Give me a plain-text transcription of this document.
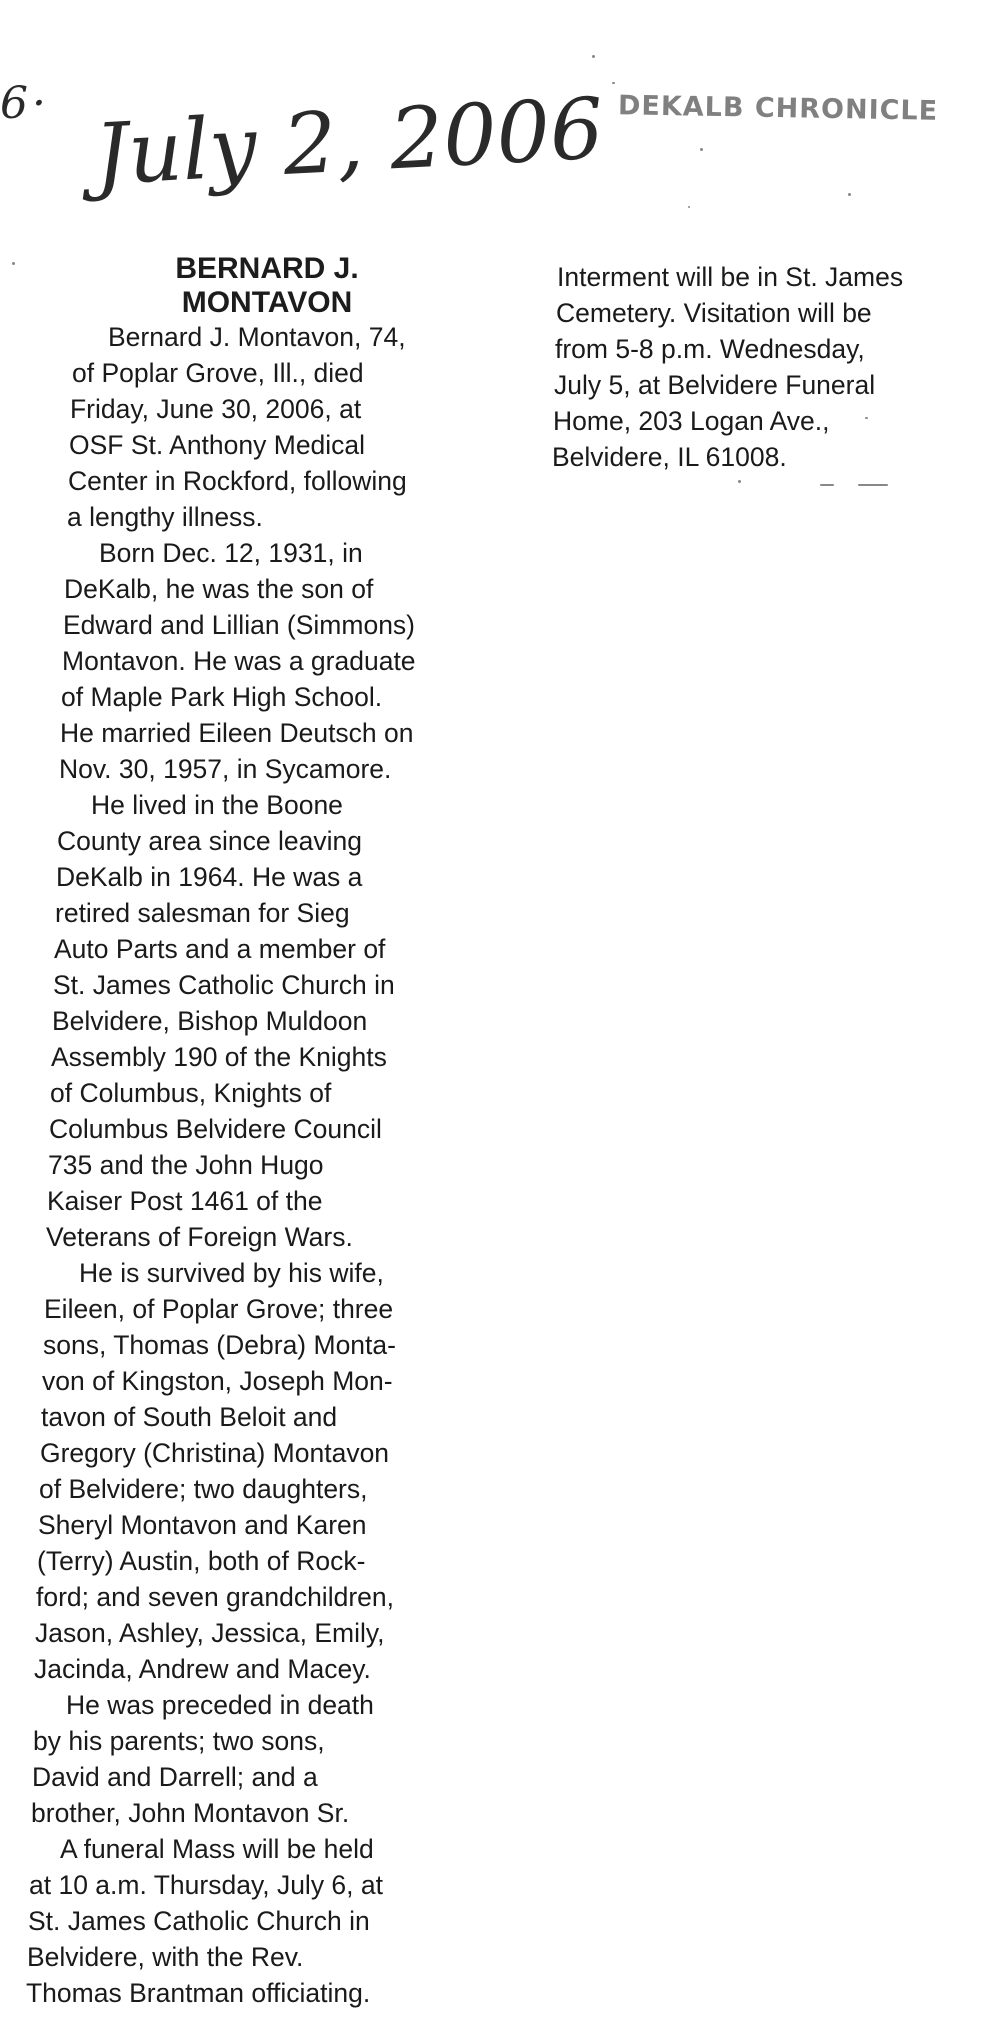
6· July 2, 2006 DEKALB CHRONICLE
BERNARD J.
MONTAVON
Bernard J. Montavon, 74,
of Poplar Grove, Ill., died
Friday, June 30, 2006, at
OSF St. Anthony Medical
Center in Rockford, following
a lengthy illness.
Born Dec. 12, 1931, in
DeKalb, he was the son of
Edward and Lillian (Simmons)
Montavon. He was a graduate
of Maple Park High School.
He married Eileen Deutsch on
Nov. 30, 1957, in Sycamore.
He lived in the Boone
County area since leaving
DeKalb in 1964. He was a
retired salesman for Sieg
Auto Parts and a member of
St. James Catholic Church in
Belvidere, Bishop Muldoon
Assembly 190 of the Knights
of Columbus, Knights of
Columbus Belvidere Council
735 and the John Hugo
Kaiser Post 1461 of the
Veterans of Foreign Wars.
He is survived by his wife,
Eileen, of Poplar Grove; three
sons, Thomas (Debra) Monta-
von of Kingston, Joseph Mon-
tavon of South Beloit and
Gregory (Christina) Montavon
of Belvidere; two daughters,
Sheryl Montavon and Karen
(Terry) Austin, both of Rock-
ford; and seven grandchildren,
Jason, Ashley, Jessica, Emily,
Jacinda, Andrew and Macey.
He was preceded in death
by his parents; two sons,
David and Darrell; and a
brother, John Montavon Sr.
A funeral Mass will be held
at 10 a.m. Thursday, July 6, at
St. James Catholic Church in
Belvidere, with the Rev.
Thomas Brantman officiating.
Interment will be in St. James
Cemetery. Visitation will be
from 5-8 p.m. Wednesday,
July 5, at Belvidere Funeral
Home, 203 Logan Ave.,
Belvidere, IL 61008.
